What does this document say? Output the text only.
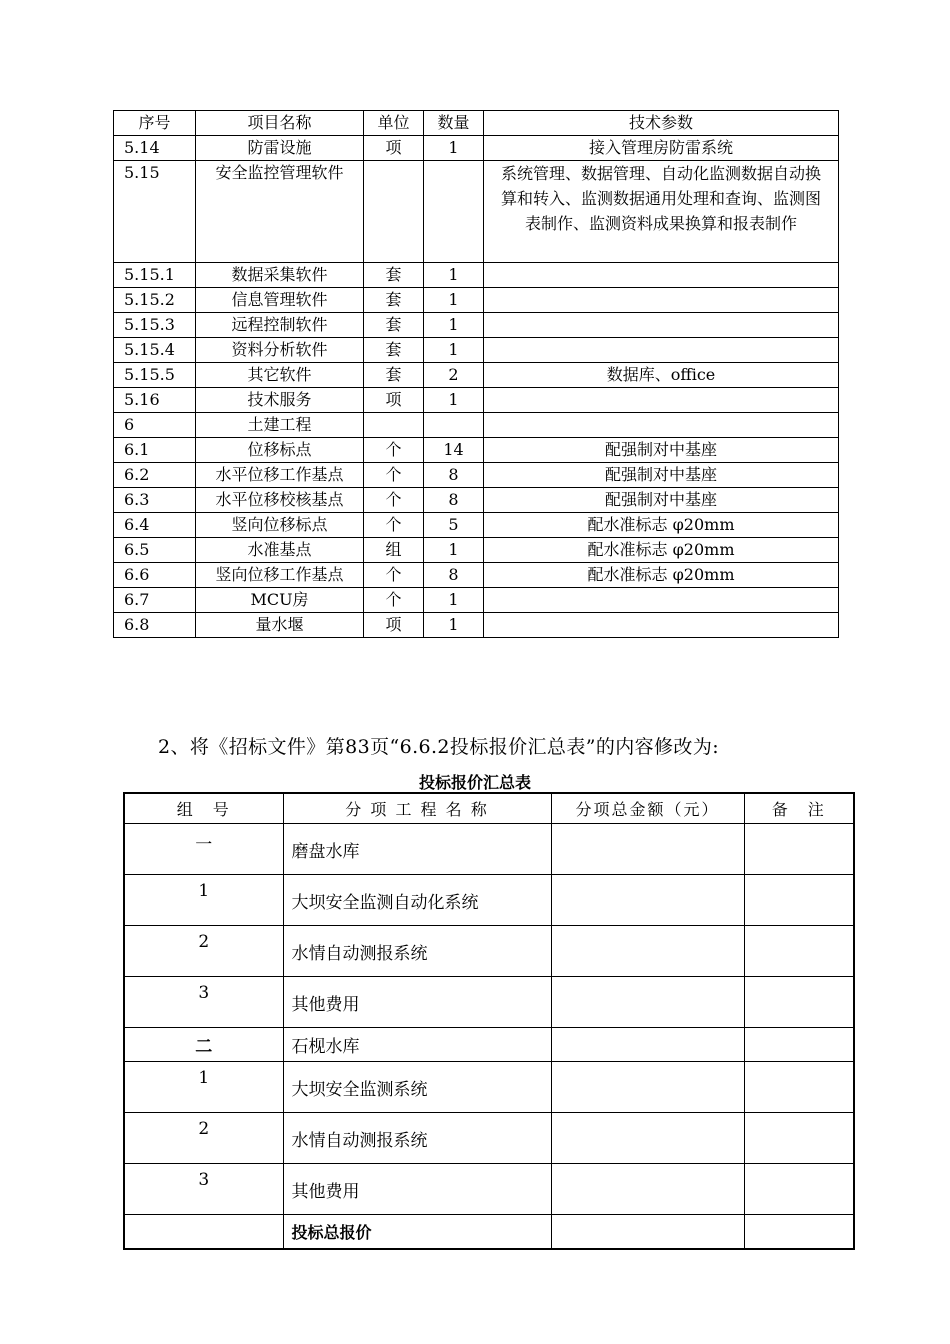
序号	项目名称	单位	数量	技术参数
5.14	防雷设施	项	1	接入管理房防雷系统
5.15	安全监控管理软件			系统管理、数据管理、自动化监测数据自动换算和转入、监测数据通用处理和查询、监测图表制作、监测资料成果换算和报表制作
5.15.1	数据采集软件	套	1	
5.15.2	信息管理软件	套	1	
5.15.3	远程控制软件	套	1	
5.15.4	资料分析软件	套	1	
5.15.5	其它软件	套	2	数据库、office
5.16	技术服务	项	1	
6	土建工程			
6.1	位移标点	个	14	配强制对中基座
6.2	水平位移工作基点	个	8	配强制对中基座
6.3	水平位移校核基点	个	8	配强制对中基座
6.4	竖向位移标点	个	5	配水准标志 φ20mm
6.5	水准基点	组	1	配水准标志 φ20mm
6.6	竖向位移工作基点	个	8	配水准标志 φ20mm
6.7	MCU房	个	1	
6.8	量水堰	项	1	
2、将《招标文件》第83页“6.6.2投标报价汇总表”的内容修改为:
投标报价汇总表
组　号	分 项 工 程 名 称	分项总金额（元）	备　注
一	磨盘水库		
1	大坝安全监测自动化系统		
2	水情自动测报系统		
3	其他费用		
二	石枧水库		
1	大坝安全监测系统		
2	水情自动测报系统		
3	其他费用		
	投标总报价		
